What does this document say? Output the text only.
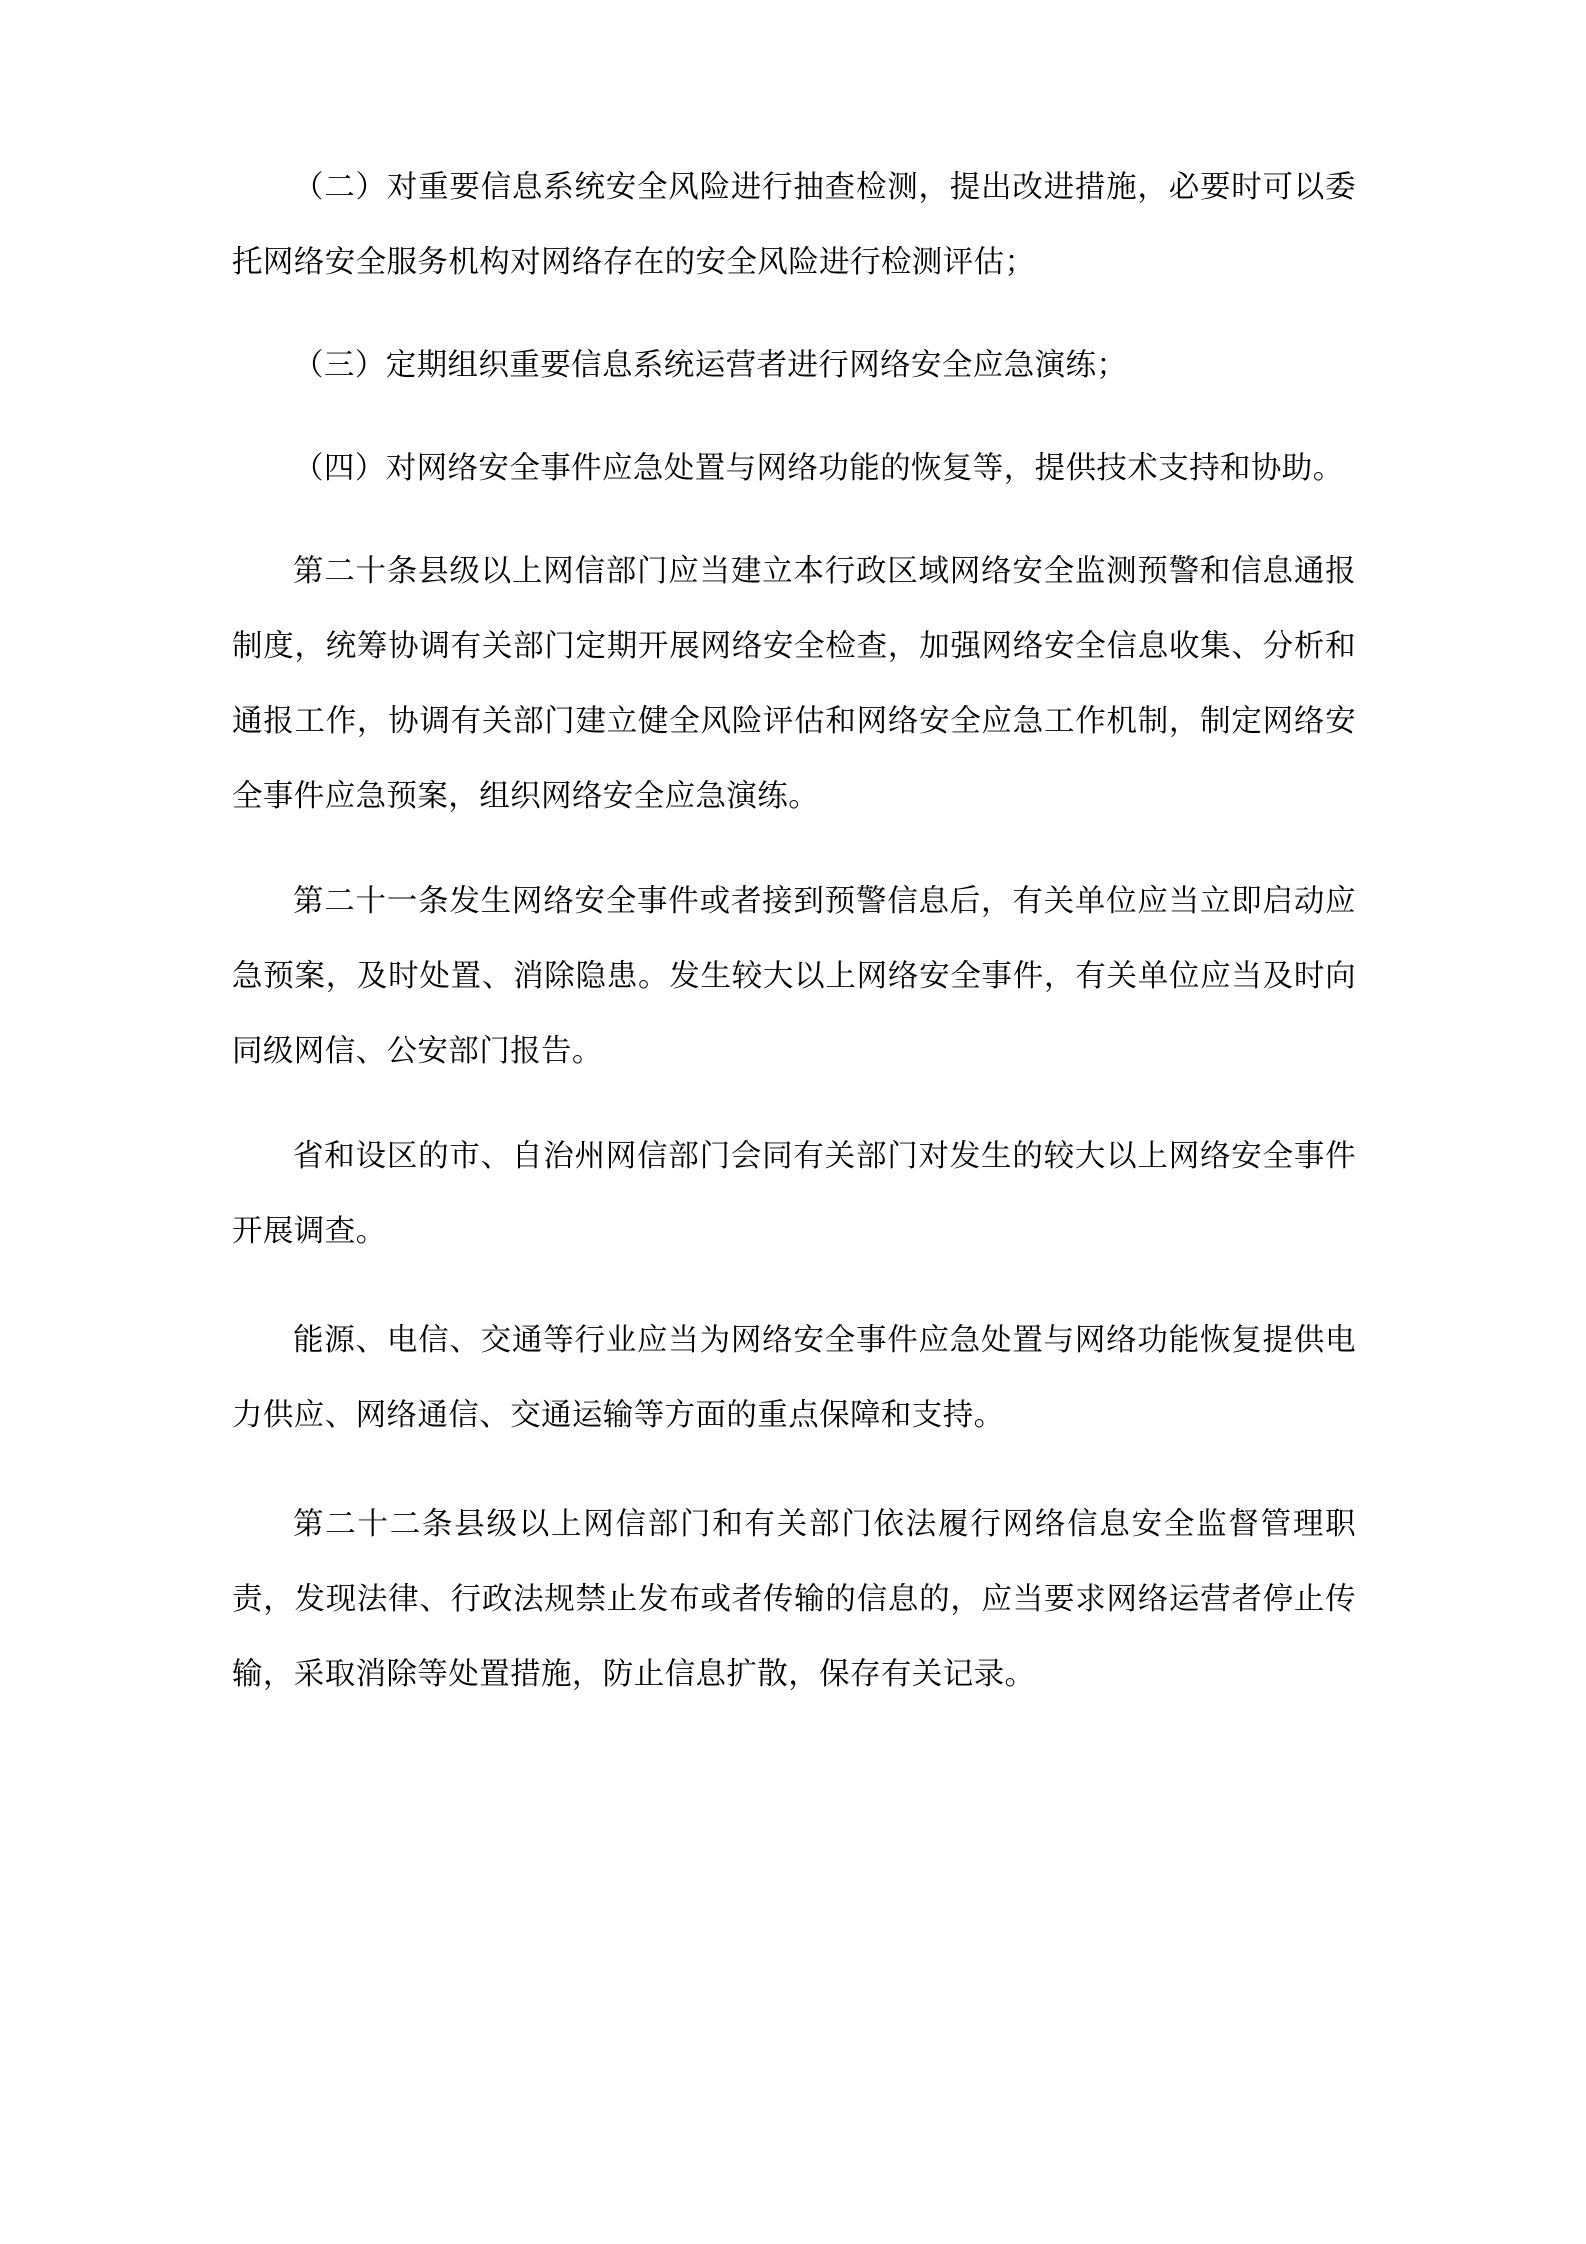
（二）对重要信息系统安全风险进行抽查检测，提出改进措施，必要时可以委托网络安全服务机构对网络存在的安全风险进行检测评估；

（三）定期组织重要信息系统运营者进行网络安全应急演练；

（四）对网络安全事件应急处置与网络功能的恢复等，提供技术支持和协助。

第二十条县级以上网信部门应当建立本行政区域网络安全监测预警和信息通报制度，统筹协调有关部门定期开展网络安全检查，加强网络安全信息收集、分析和通报工作，协调有关部门建立健全风险评估和网络安全应急工作机制，制定网络安全事件应急预案，组织网络安全应急演练。

第二十一条发生网络安全事件或者接到预警信息后，有关单位应当立即启动应急预案，及时处置、消除隐患。发生较大以上网络安全事件，有关单位应当及时向同级网信、公安部门报告。

省和设区的市、自治州网信部门会同有关部门对发生的较大以上网络安全事件开展调查。

能源、电信、交通等行业应当为网络安全事件应急处置与网络功能恢复提供电力供应、网络通信、交通运输等方面的重点保障和支持。

第二十二条县级以上网信部门和有关部门依法履行网络信息安全监督管理职责，发现法律、行政法规禁止发布或者传输的信息的，应当要求网络运营者停止传输，采取消除等处置措施，防止信息扩散，保存有关记录。
